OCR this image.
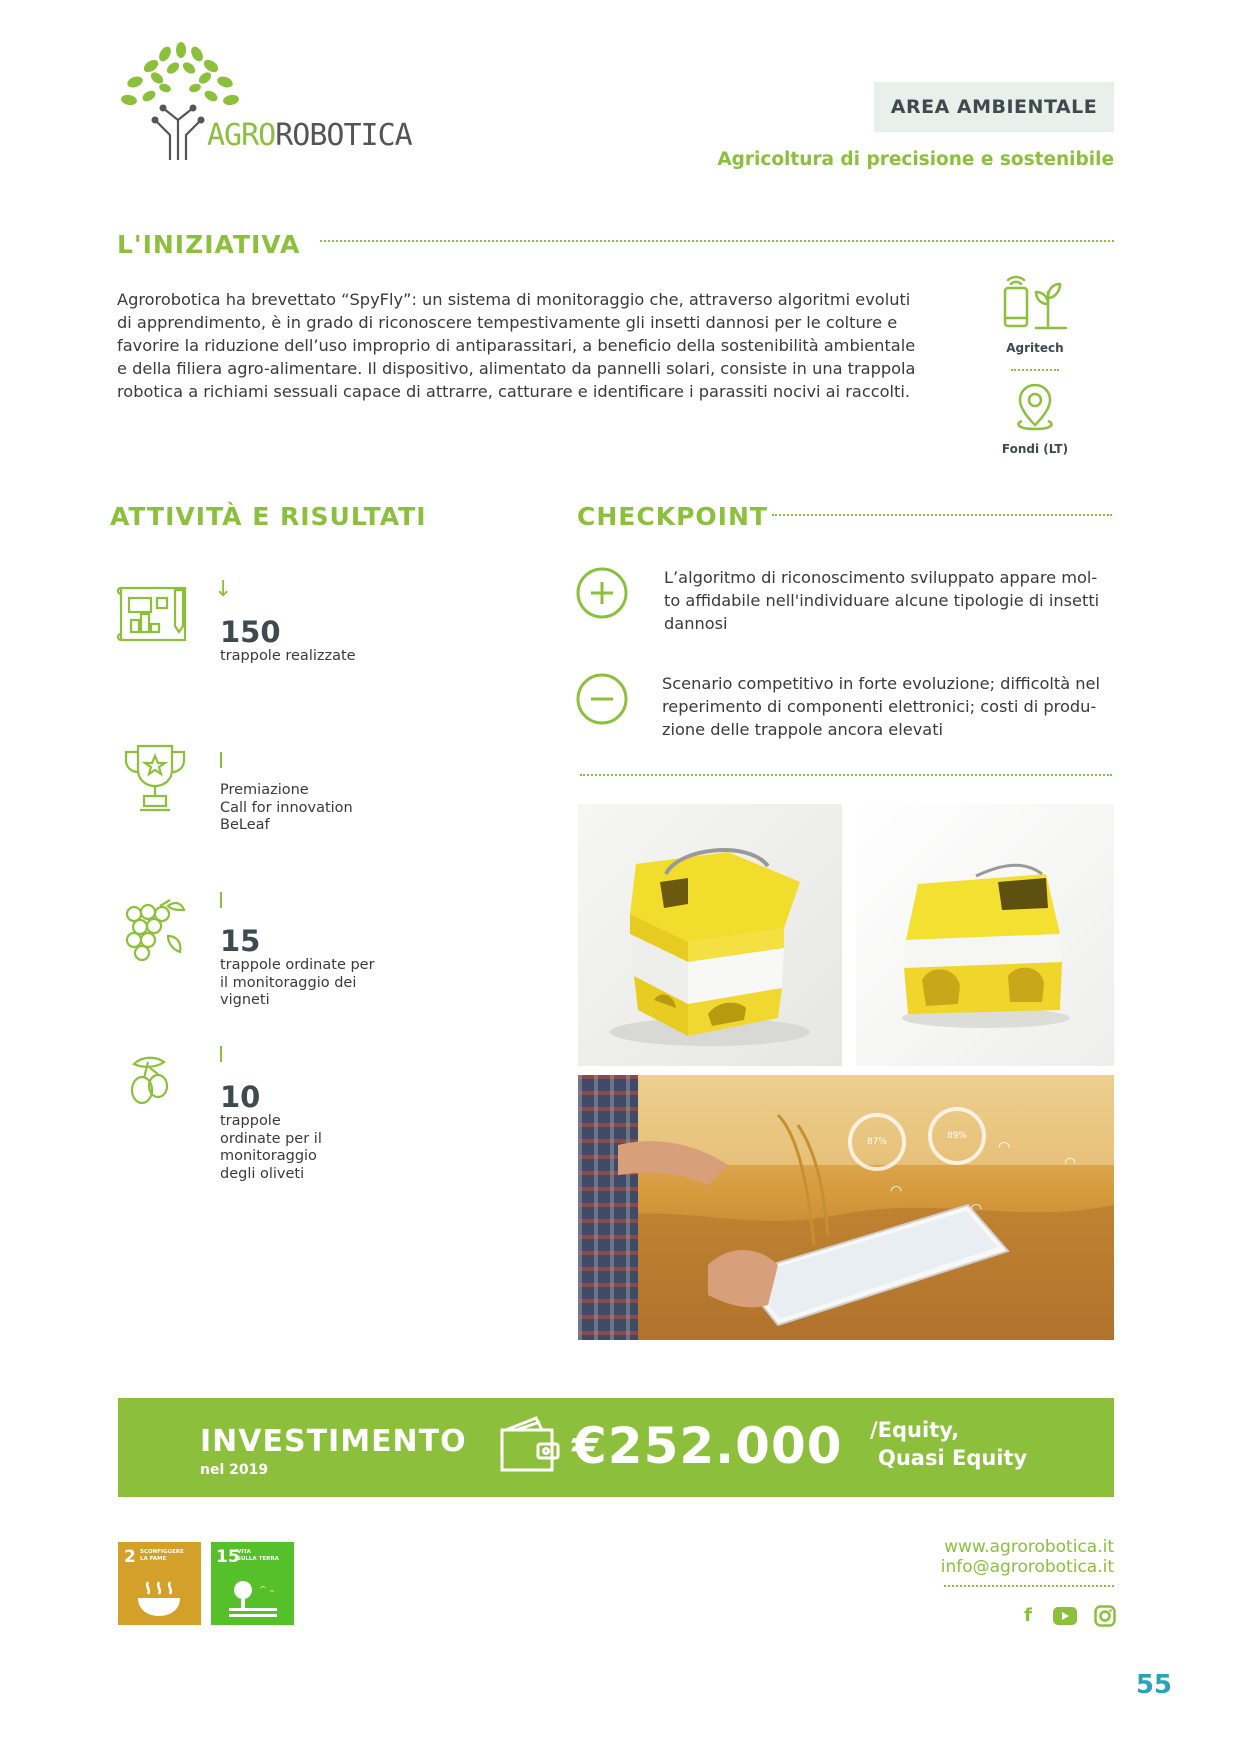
AGROROBOTICA
AREA AMBIENTALE
Agricoltura di precisione e sostenibile
L'INIZIATIVA
Agrorobotica ha brevettato “SpyFly”: un sistema di monitoraggio che, attraverso algoritmi evoluti
di apprendimento, è in grado di riconoscere tempestivamente gli insetti dannosi per le colture e
favorire la riduzione dell’uso improprio di antiparassitari, a beneficio della sostenibilità ambientale
e della filiera agro-alimentare. Il dispositivo, alimentato da pannelli solari, consiste in una trappola
robotica a richiami sessuali capace di attrarre, catturare e identificare i parassiti nocivi ai raccolti.
Agritech
Fondi (LT)
ATTIVITÀ E RISULTATI
↓
150
trappole realizzate
Premiazione
Call for innovation
BeLeaf
15
trappole ordinate per
il monitoraggio dei
vigneti
10
trappole
ordinate per il
monitoraggio
degli oliveti
CHECKPOINT
L’algoritmo di riconoscimento sviluppato appare mol-
to affidabile nell'individuare alcune tipologie di insetti
dannosi
Scenario competitivo in forte evoluzione; difficoltà nel
reperimento di componenti elettronici; costi di produ-
zione delle trappole ancora elevati
87%
89%
◠
◠
◠
◠
INVESTIMENTO
nel 2019	€252.000 /Equity,
Quasi Equity
2 SCONFIGGERE
LA FAME	15
VITA
SULLA TERRA
www.agrorobotica.it
info@agrorobotica.it
f
55
